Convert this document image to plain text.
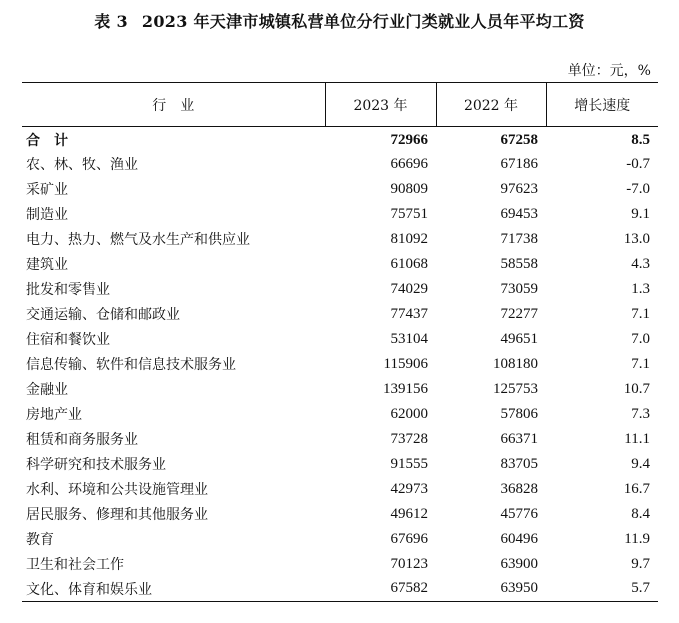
表 3 2023 年天津市城镇私营单位分行业门类就业人员年平均工资
单位：元，%
行　业	2023 年	2022 年	增长速度
合　计	72966	67258	8.5
农、林、牧、渔业	66696	67186	-0.7
采矿业	90809	97623	-7.0
制造业	75751	69453	9.1
电力、热力、燃气及水生产和供应业	81092	71738	13.0
建筑业	61068	58558	4.3
批发和零售业	74029	73059	1.3
交通运输、仓储和邮政业	77437	72277	7.1
住宿和餐饮业	53104	49651	7.0
信息传输、软件和信息技术服务业	115906	108180	7.1
金融业	139156	125753	10.7
房地产业	62000	57806	7.3
租赁和商务服务业	73728	66371	11.1
科学研究和技术服务业	91555	83705	9.4
水利、环境和公共设施管理业	42973	36828	16.7
居民服务、修理和其他服务业	49612	45776	8.4
教育	67696	60496	11.9
卫生和社会工作	70123	63900	9.7
文化、体育和娱乐业	67582	63950	5.7
